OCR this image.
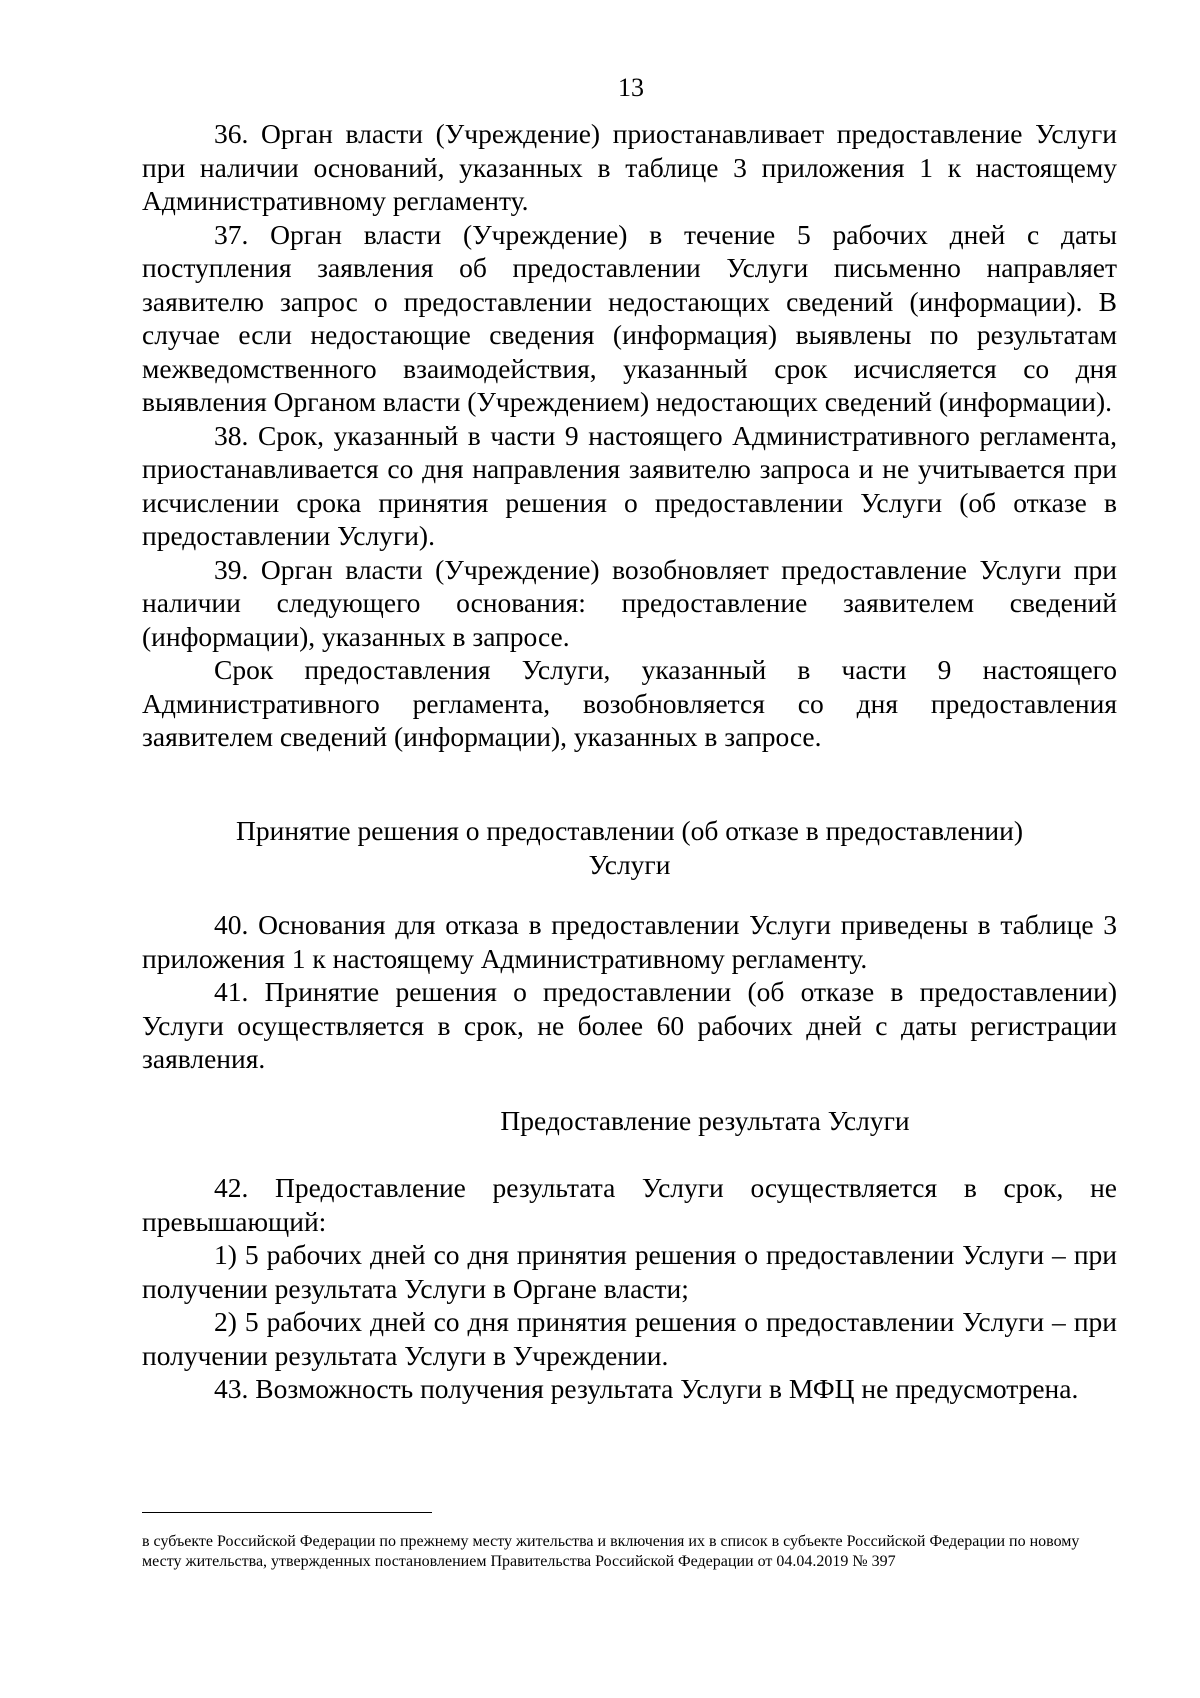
13

36. Орган власти (Учреждение) приостанавливает предоставление Услуги при наличии оснований, указанных в таблице 3 приложения 1 к настоящему Административному регламенту.

37. Орган власти (Учреждение) в течение 5 рабочих дней с даты поступления заявления об предоставлении Услуги письменно направляет заявителю запрос о предоставлении недостающих сведений (информации). В случае если недостающие сведения (информация) выявлены по результатам межведомственного взаимодействия, указанный срок исчисляется со дня выявления Органом власти (Учреждением) недостающих сведений (информации).

38. Срок, указанный в части 9 настоящего Административного регламента, приостанавливается со дня направления заявителю запроса и не учитывается при исчислении срока принятия решения о предоставлении Услуги (об отказе в предоставлении Услуги).

39. Орган власти (Учреждение) возобновляет предоставление Услуги при наличии следующего основания: предоставление заявителем сведений (информации), указанных в запросе.

Срок предоставления Услуги, указанный в части 9 настоящего Административного регламента, возобновляется со дня предоставления заявителем сведений (информации), указанных в запросе.

Принятие решения о предоставлении (об отказе в предоставлении)
Услуги

40. Основания для отказа в предоставлении Услуги приведены в таблице 3 приложения 1 к настоящему Административному регламенту.

41. Принятие решения о предоставлении (об отказе в предоставлении) Услуги осуществляется в срок, не более 60 рабочих дней с даты регистрации заявления.

Предоставление результата Услуги

42. Предоставление результата Услуги осуществляется в срок, не превышающий:

1) 5 рабочих дней со дня принятия решения о предоставлении Услуги – при получении результата Услуги в Органе власти;

2) 5 рабочих дней со дня принятия решения о предоставлении Услуги – при получении результата Услуги в Учреждении.

43. Возможность получения результата Услуги в МФЦ не предусмотрена.

в субъекте Российской Федерации по прежнему месту жительства и включения их в список в субъекте Российской Федерации по новому месту жительства, утвержденных постановлением Правительства Российской Федерации от 04.04.2019 № 397
